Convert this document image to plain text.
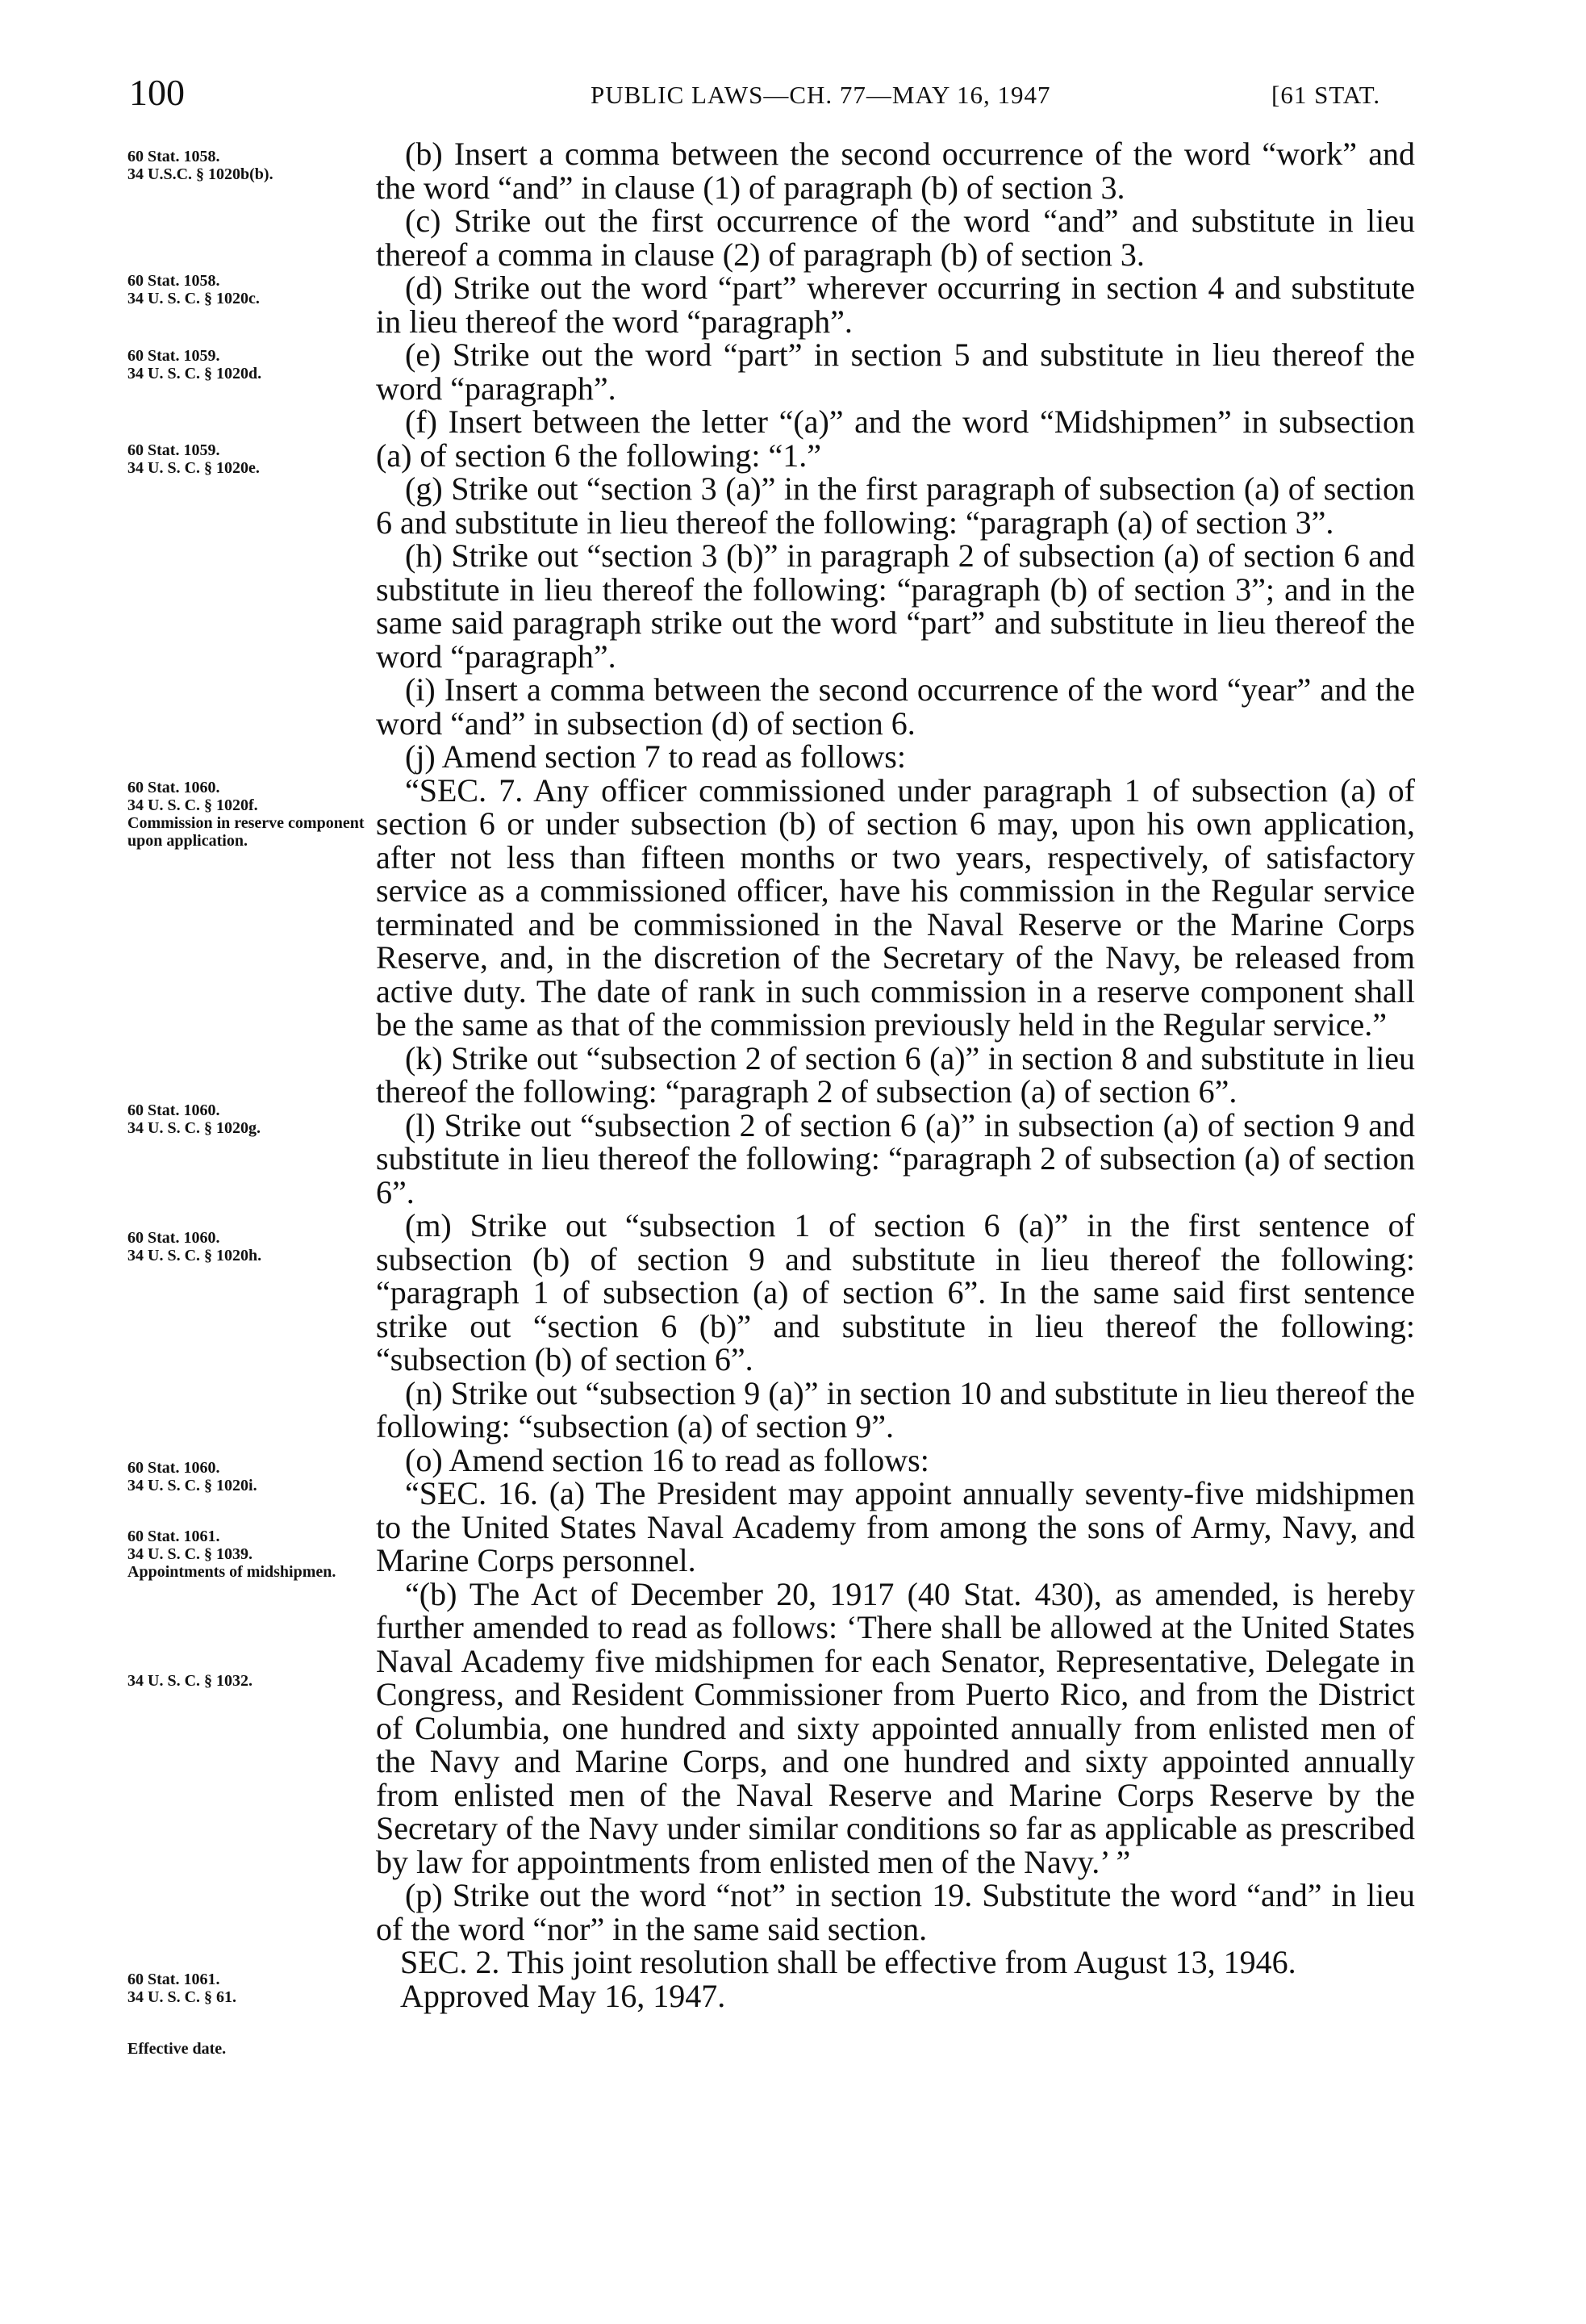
100	PUBLIC LAWS—CH. 77—MAY 16, 1947	[61 STAT.
60 Stat. 1058.
34 U.S.C. § 1020b(b).
60 Stat. 1058.
34 U. S. C. § 1020c.
60 Stat. 1059.
34 U. S. C. § 1020d.
60 Stat. 1059.
34 U. S. C. § 1020e.
60 Stat. 1060.
34 U. S. C. § 1020f.
Commission in reserve component upon application.
60 Stat. 1060.
34 U. S. C. § 1020g.
60 Stat. 1060.
34 U. S. C. § 1020h.
60 Stat. 1060.
34 U. S. C. § 1020i.
60 Stat. 1061.
34 U. S. C. § 1039.
Appointments of midshipmen.
34 U. S. C. § 1032.
60 Stat. 1061.
34 U. S. C. § 61.
Effective date.

(b) Insert a comma between the second occurrence of the word “work” and the word “and” in clause (1) of paragraph (b) of section 3.

(c) Strike out the first occurrence of the word “and” and substitute in lieu thereof a comma in clause (2) of paragraph (b) of section 3.

(d) Strike out the word “part” wherever occurring in section 4 and substitute in lieu thereof the word “paragraph”.

(e) Strike out the word “part” in section 5 and substitute in lieu thereof the word “paragraph”.

(f) Insert between the letter “(a)” and the word “Midshipmen” in subsection (a) of section 6 the following: “1.”

(g) Strike out “section 3 (a)” in the first paragraph of subsection (a) of section 6 and substitute in lieu thereof the following: “paragraph (a) of section 3”.

(h) Strike out “section 3 (b)” in paragraph 2 of subsection (a) of section 6 and substitute in lieu thereof the following: “paragraph (b) of section 3”; and in the same said paragraph strike out the word “part” and substitute in lieu thereof the word “paragraph”.

(i) Insert a comma between the second occurrence of the word “year” and the word “and” in subsection (d) of section 6.

(j) Amend section 7 to read as follows:

“SEC. 7. Any officer commissioned under paragraph 1 of subsection (a) of section 6 or under subsection (b) of section 6 may, upon his own application, after not less than fifteen months or two years, respectively, of satisfactory service as a commissioned officer, have his commission in the Regular service terminated and be commissioned in the Naval Reserve or the Marine Corps Reserve, and, in the discretion of the Secretary of the Navy, be released from active duty. The date of rank in such commission in a reserve component shall be the same as that of the commission previously held in the Regular service.”

(k) Strike out “subsection 2 of section 6 (a)” in section 8 and substitute in lieu thereof the following: “paragraph 2 of subsection (a) of section 6”.

(l) Strike out “subsection 2 of section 6 (a)” in subsection (a) of section 9 and substitute in lieu thereof the following: “paragraph 2 of subsection (a) of section 6”.

(m) Strike out “subsection 1 of section 6 (a)” in the first sentence of subsection (b) of section 9 and substitute in lieu thereof the following: “paragraph 1 of subsection (a) of section 6”. In the same said first sentence strike out “section 6 (b)” and substitute in lieu thereof the following: “subsection (b) of section 6”.

(n) Strike out “subsection 9 (a)” in section 10 and substitute in lieu thereof the following: “subsection (a) of section 9”.

(o) Amend section 16 to read as follows:

“SEC. 16. (a) The President may appoint annually seventy-five midshipmen to the United States Naval Academy from among the sons of Army, Navy, and Marine Corps personnel.

“(b) The Act of December 20, 1917 (40 Stat. 430), as amended, is hereby further amended to read as follows: ‘There shall be allowed at the United States Naval Academy five midshipmen for each Senator, Representative, Delegate in Congress, and Resident Commissioner from Puerto Rico, and from the District of Columbia, one hundred and sixty appointed annually from enlisted men of the Navy and Marine Corps, and one hundred and sixty appointed annually from enlisted men of the Naval Reserve and Marine Corps Reserve by the Secretary of the Navy under similar conditions so far as applicable as prescribed by law for appointments from enlisted men of the Navy.’ ”

(p) Strike out the word “not” in section 19. Substitute the word “and” in lieu of the word “nor” in the same said section.

SEC. 2. This joint resolution shall be effective from August 13, 1946.

Approved May 16, 1947.
